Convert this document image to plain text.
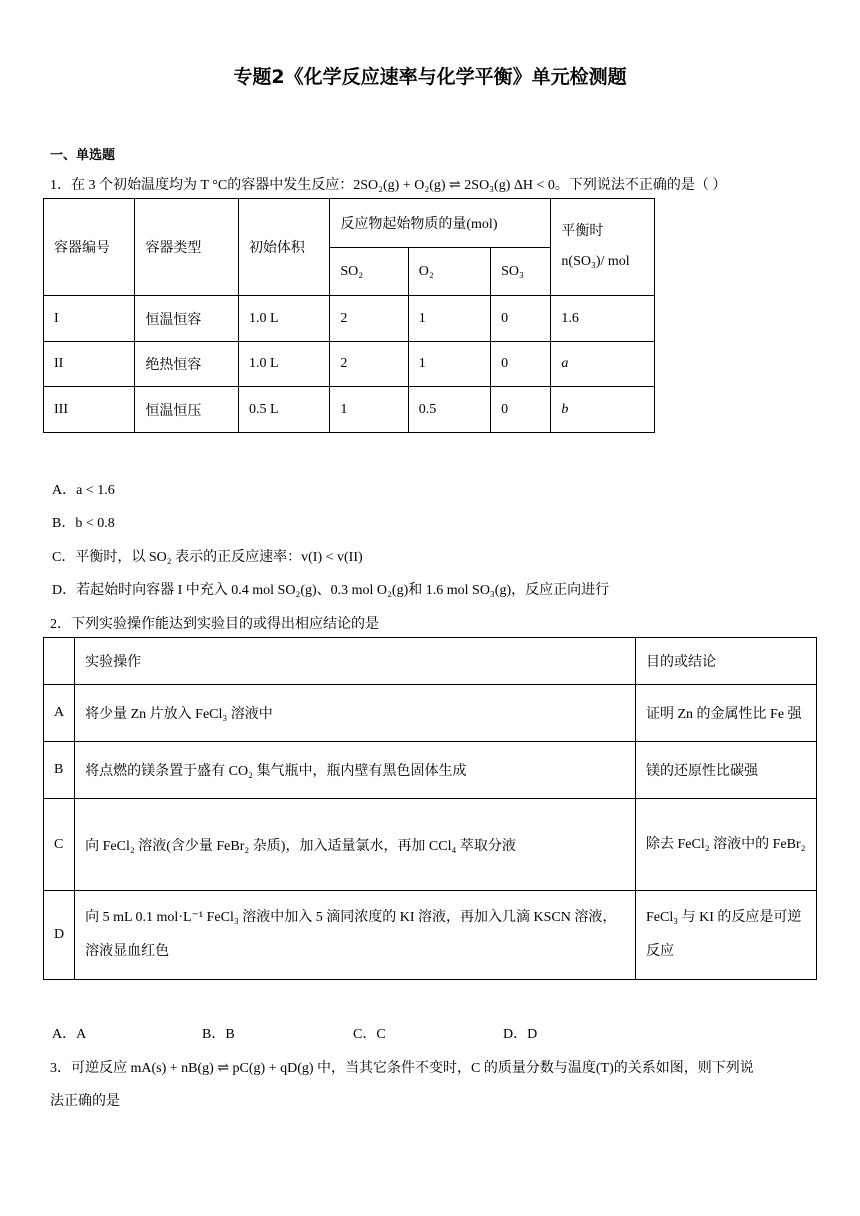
专题2《化学反应速率与化学平衡》单元检测题
一、单选题
1．在 3 个初始温度均为 T °C的容器中发生反应：2SO₂(g) + O₂(g) ⇌ 2SO₃(g) ΔH < 0。下列说法不正确的是（ ）
容器编号	容器类型	初始体积	反应物起始物质的量(mol)			平衡时
n(SO₃)/ mol

			SO₂	O₂	SO₃	
I	恒温恒容	1.0 L	2	1	0	1.6
II	绝热恒容	1.0 L	2	1	0	a
III	恒温恒压	0.5 L	1	0.5	0	b
A．a < 1.6
B．b < 0.8
C．平衡时，以 SO₂ 表示的正反应速率：v(I) < v(II)
D．若起始时向容器 I 中充入 0.4 mol SO₂(g)、0.3 mol O₂(g)和 1.6 mol SO₃(g)，反应正向进行
2．下列实验操作能达到实验目的或得出相应结论的是
	实验操作	目的或结论
A	将少量 Zn 片放入 FeCl₃ 溶液中	证明 Zn 的金属性比 Fe 强
B	将点燃的镁条置于盛有 CO₂ 集气瓶中，瓶内壁有黑色固体生成	镁的还原性比碳强
C	向 FeCl₂ 溶液(含少量 FeBr₂ 杂质)，加入适量氯水，再加 CCl₄ 萃取分液	除去 FeCl₂ 溶液中的 FeBr₂
D	向 5 mL 0.1 mol·L⁻¹ FeCl₃ 溶液中加入 5 滴同浓度的 KI 溶液，再加入几滴 KSCN 溶液，溶液显血红色	FeCl₃ 与 KI 的反应是可逆反应
A．A	B．B	C．C	D．D
3．可逆反应 mA(s) + nB(g) ⇌ pC(g) + qD(g) 中，当其它条件不变时，C 的质量分数与温度(T)的关系如图，则下列说
法正确的是
